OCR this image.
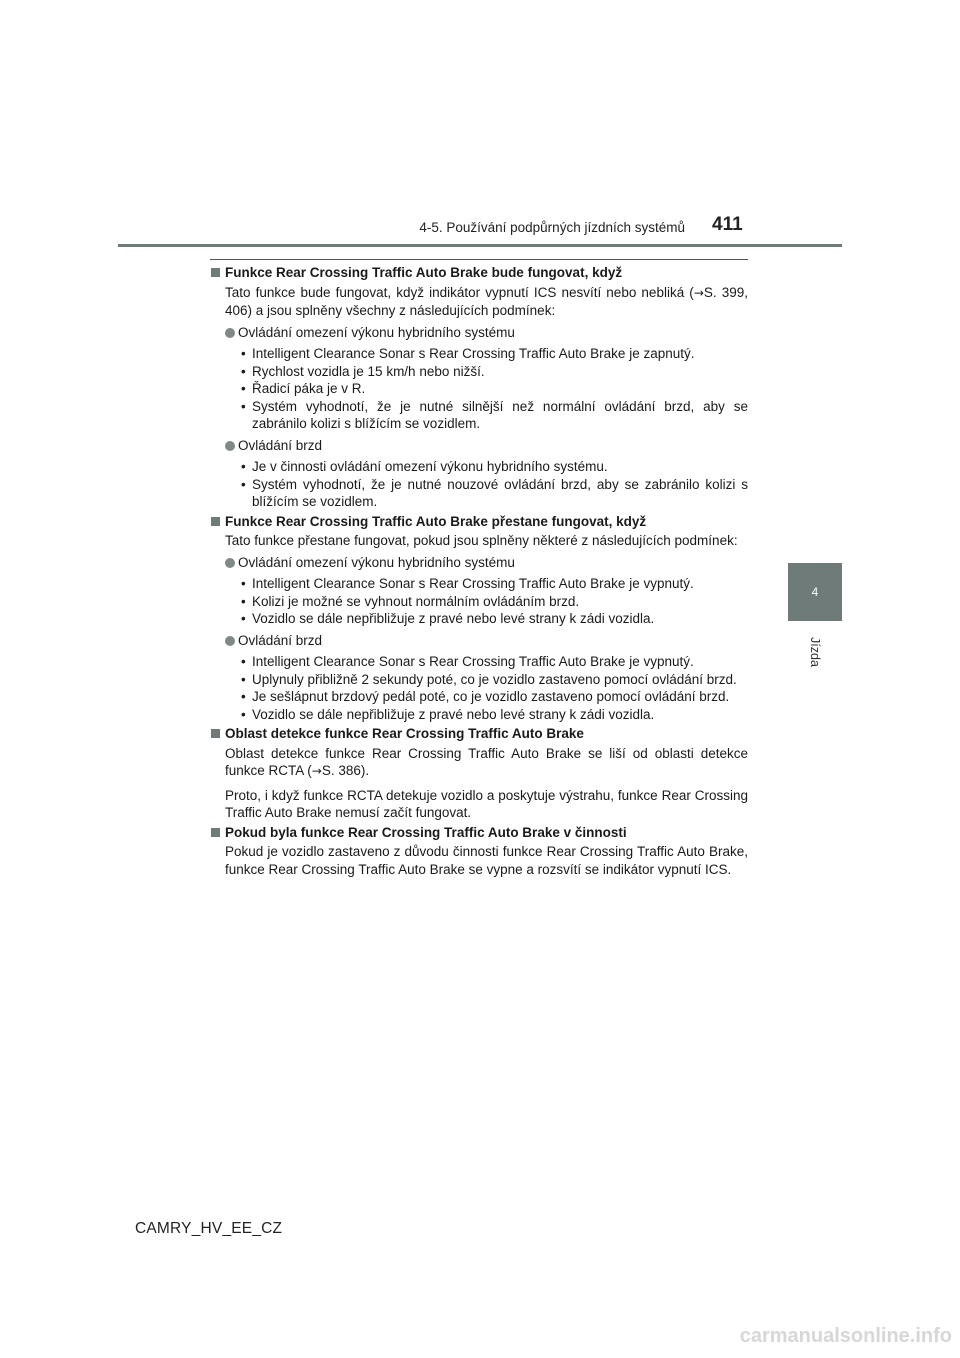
4-5. Používání podpůrných jízdních systémů 411
4
Jízda
Funkce Rear Crossing Traffic Auto Brake bude fungovat, když
Tato funkce bude fungovat, když indikátor vypnutí ICS nesvítí nebo nebliká (→S. 399, 406) a jsou splněny všechny z následujících podmínek:
Ovládání omezení výkonu hybridního systému
• Intelligent Clearance Sonar s Rear Crossing Traffic Auto Brake je zapnutý.
• Rychlost vozidla je 15 km/h nebo nižší.
• Řadicí páka je v R.
• Systém vyhodnotí, že je nutné silnější než normální ovládání brzd, aby se zabránilo kolizi s blížícím se vozidlem.
Ovládání brzd
• Je v činnosti ovládání omezení výkonu hybridního systému.
• Systém vyhodnotí, že je nutné nouzové ovládání brzd, aby se zabránilo kolizi s blížícím se vozidlem.
Funkce Rear Crossing Traffic Auto Brake přestane fungovat, když
Tato funkce přestane fungovat, pokud jsou splněny některé z následujících podmínek:
Ovládání omezení výkonu hybridního systému
• Intelligent Clearance Sonar s Rear Crossing Traffic Auto Brake je vypnutý.
• Kolizi je možné se vyhnout normálním ovládáním brzd.
• Vozidlo se dále nepřibližuje z pravé nebo levé strany k zádi vozidla.
Ovládání brzd
• Intelligent Clearance Sonar s Rear Crossing Traffic Auto Brake je vypnutý.
• Uplynuly přibližně 2 sekundy poté, co je vozidlo zastaveno pomocí ovládání brzd.
• Je sešlápnut brzdový pedál poté, co je vozidlo zastaveno pomocí ovládání brzd.
• Vozidlo se dále nepřibližuje z pravé nebo levé strany k zádi vozidla.
Oblast detekce funkce Rear Crossing Traffic Auto Brake
Oblast detekce funkce Rear Crossing Traffic Auto Brake se liší od oblasti detekce funkce RCTA (→S. 386).
Proto, i když funkce RCTA detekuje vozidlo a poskytuje výstrahu, funkce Rear Crossing Traffic Auto Brake nemusí začít fungovat.
Pokud byla funkce Rear Crossing Traffic Auto Brake v činnosti
Pokud je vozidlo zastaveno z důvodu činnosti funkce Rear Crossing Traffic Auto Brake, funkce Rear Crossing Traffic Auto Brake se vypne a rozsvítí se indikátor vypnutí ICS.
CAMRY_HV_EE_CZ
carmanualsonline.info
